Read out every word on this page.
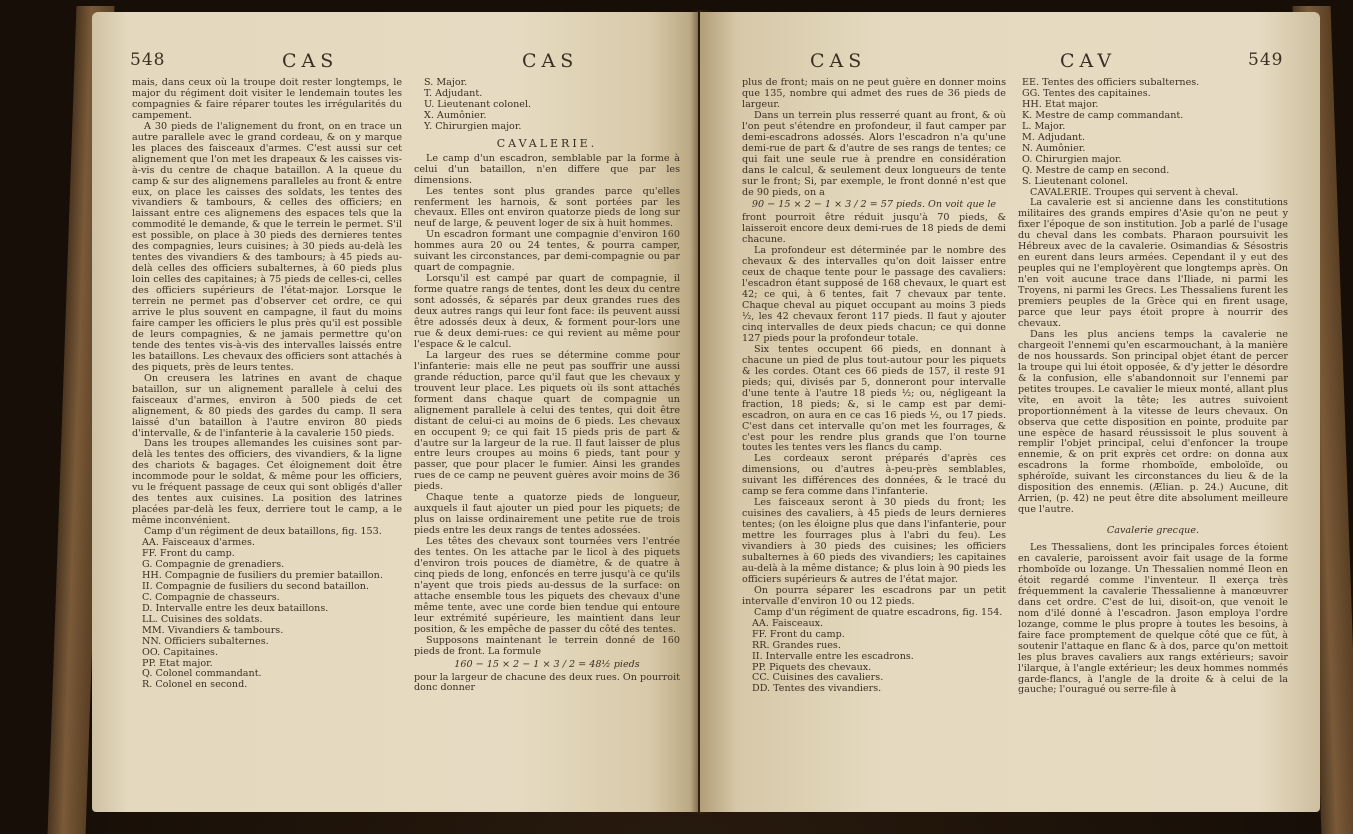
548	CAS	CAS

mais, dans ceux où la troupe doit rester longtemps, le major du régiment doit visiter le lendemain toutes les compagnies & faire réparer toutes les irrégularités du campement.

A 30 pieds de l'alignement du front, on en trace un autre parallele avec le grand cordeau, & on y marque les places des faisceaux d'armes. C'est aussi sur cet alignement que l'on met les drapeaux & les caisses vis-à-vis du centre de chaque bataillon. A la queue du camp & sur des alignemens paralleles au front & entre eux, on place les caisses des soldats, les tentes des vivandiers & tambours, & celles des officiers; en laissant entre ces alignemens des espaces tels que la commodité le demande, & que le terrein le permet. S'il est possible, on place à 30 pieds des dernieres tentes des compagnies, leurs cuisines; à 30 pieds au-delà les tentes des vivandiers & des tambours; à 45 pieds au-delà celles des officiers subalternes, à 60 pieds plus loin celles des capitaines; à 75 pieds de celles-ci, celles des officiers supérieurs de l'état-major. Lorsque le terrein ne permet pas d'observer cet ordre, ce qui arrive le plus souvent en campagne, il faut du moins faire camper les officiers le plus près qu'il est possible de leurs compagnies, & ne jamais permettre qu'on tende des tentes vis-à-vis des intervalles laissés entre les bataillons. Les chevaux des officiers sont attachés à des piquets, près de leurs tentes.

On creusera les latrines en avant de chaque bataillon, sur un alignement parallele à celui des faisceaux d'armes, environ à 500 pieds de cet alignement, & 80 pieds des gardes du camp. Il sera laissé d'un bataillon à l'autre environ 80 pieds d'intervalle, & de l'infanterie à la cavalerie 150 pieds.

Dans les troupes allemandes les cuisines sont par-delà les tentes des officiers, des vivandiers, & la ligne des chariots & bagages. Cet éloignement doit être incommode pour le soldat, & même pour les officiers, vu le fréquent passage de ceux qui sont obligés d'aller des tentes aux cuisines. La position des latrines placées par-delà les feux, derriere tout le camp, a le même inconvénient.

Camp d'un régiment de deux bataillons, fig. 153.

AA. Faisceaux d'armes.

FF. Front du camp.

G. Compagnie de grenadiers.

HH. Compagnie de fusiliers du premier bataillon.

II. Compagnie de fusiliers du second bataillon.

C. Compagnie de chasseurs.

D. Intervalle entre les deux bataillons.

LL. Cuisines des soldats.

MM. Vivandiers & tambours.

NN. Officiers subalternes.

OO. Capitaines.

PP. Etat major.

Q. Colonel commandant.

R. Colonel en second.

S. Major.

T. Adjudant.

U. Lieutenant colonel.

X. Aumônier.

Y. Chirurgien major.

CAVALERIE.

Le camp d'un escadron, semblable par la forme à celui d'un bataillon, n'en differe que par les dimensions.

Les tentes sont plus grandes parce qu'elles renferment les harnois, & sont portées par les chevaux. Elles ont environ quatorze pieds de long sur neuf de large, & peuvent loger de six à huit hommes.

Un escadron formant une compagnie d'environ 160 hommes aura 20 ou 24 tentes, & pourra camper, suivant les circonstances, par demi-compagnie ou par quart de compagnie.

Lorsqu'il est campé par quart de compagnie, il forme quatre rangs de tentes, dont les deux du centre sont adossés, & séparés par deux grandes rues des deux autres rangs qui leur font face: ils peuvent aussi être adossés deux à deux, & forment pour-lors une rue & deux demi-rues: ce qui revient au même pour l'espace & le calcul.

La largeur des rues se détermine comme pour l'infanterie: mais elle ne peut pas souffrir une aussi grande réduction, parce qu'il faut que les chevaux y trouvent leur place. Les piquets où ils sont attachés forment dans chaque quart de compagnie un alignement parallele à celui des tentes, qui doit être distant de celui-ci au moins de 6 pieds. Les chevaux en occupent 9; ce qui fait 15 pieds pris de part & d'autre sur la largeur de la rue. Il faut laisser de plus entre leurs croupes au moins 6 pieds, tant pour y passer, que pour placer le fumier. Ainsi les grandes rues de ce camp ne peuvent guères avoir moins de 36 pieds.

Chaque tente a quatorze pieds de longueur, auxquels il faut ajouter un pied pour les piquets; de plus on laisse ordinairement une petite rue de trois pieds entre les deux rangs de tentes adossées.

Les têtes des chevaux sont tournées vers l'entrée des tentes. On les attache par le licol à des piquets d'environ trois pouces de diamètre, & de quatre à cinq pieds de long, enfoncés en terre jusqu'à ce qu'ils n'ayent que trois pieds au-dessus de la surface: on attache ensemble tous les piquets des chevaux d'une même tente, avec une corde bien tendue qui entoure leur extrémité supérieure, les maintient dans leur position, & les empêche de passer du côté des tentes.

Supposons maintenant le terrein donné de 160 pieds de front. La formule

160 − 15 × 2 − 1 × 3 / 2 = 48½ pieds

pour la largeur de chacune des deux rues. On pourroit donc donner

CAS	CAV	549

plus de front; mais on ne peut guère en donner moins que 135, nombre qui admet des rues de 36 pieds de largeur.

Dans un terrein plus resserré quant au front, & où l'on peut s'étendre en profondeur, il faut camper par demi-escadrons adossés. Alors l'escadron n'a qu'une demi-rue de part & d'autre de ses rangs de tentes; ce qui fait une seule rue à prendre en considération dans le calcul, & seulement deux longueurs de tente sur le front; Si, par exemple, le front donné n'est que de 90 pieds, on a

90 − 15 × 2 − 1 × 3 / 2 = 57 pieds. On voit que le

front pourroit être réduit jusqu'à 70 pieds, & laisseroit encore deux demi-rues de 18 pieds de demi chacune.

La profondeur est déterminée par le nombre des chevaux & des intervalles qu'on doit laisser entre ceux de chaque tente pour le passage des cavaliers: l'escadron étant supposé de 168 chevaux, le quart est 42; ce qui, à 6 tentes, fait 7 chevaux par tente. Chaque cheval au piquet occupant au moins 3 pieds ½, les 42 chevaux feront 117 pieds. Il faut y ajouter cinq intervalles de deux pieds chacun; ce qui donne 127 pieds pour la profondeur totale.

Six tentes occupent 66 pieds, en donnant à chacune un pied de plus tout-autour pour les piquets & les cordes. Otant ces 66 pieds de 157, il reste 91 pieds; qui, divisés par 5, donneront pour intervalle d'une tente à l'autre 18 pieds ½; ou, négligeant la fraction, 18 pieds; &, si le camp est par demi-escadron, on aura en ce cas 16 pieds ½, ou 17 pieds. C'est dans cet intervalle qu'on met les fourrages, & c'est pour les rendre plus grands que l'on tourne toutes les tentes vers les flancs du camp.

Les cordeaux seront préparés d'après ces dimensions, ou d'autres à-peu-près semblables, suivant les différences des données, & le tracé du camp se fera comme dans l'infanterie.

Les faisceaux seront à 30 pieds du front; les cuisines des cavaliers, à 45 pieds de leurs dernieres tentes; (on les éloigne plus que dans l'infanterie, pour mettre les fourrages plus à l'abri du feu). Les vivandiers à 30 pieds des cuisines; les officiers subalternes à 60 pieds des vivandiers; les capitaines au-delà à la même distance; & plus loin à 90 pieds les officiers supérieurs & autres de l'état major.

On pourra séparer les escadrons par un petit intervalle d'environ 10 ou 12 pieds.

Camp d'un régiment de quatre escadrons, fig. 154.

AA. Faisceaux.

FF. Front du camp.

RR. Grandes rues.

II. Intervalle entre les escadrons.

PP. Piquets des chevaux.

CC. Cuisines des cavaliers.

DD. Tentes des vivandiers.

EE. Tentes des officiers subalternes.

GG. Tentes des capitaines.

HH. Etat major.

K. Mestre de camp commandant.

L. Major.

M. Adjudant.

N. Aumônier.

O. Chirurgien major.

Q. Mestre de camp en second.

S. Lieutenant colonel.

CAVALERIE. Troupes qui servent à cheval.

La cavalerie est si ancienne dans les constitutions militaires des grands empires d'Asie qu'on ne peut y fixer l'époque de son institution. Job a parlé de l'usage du cheval dans les combats. Pharaon poursuivit les Hébreux avec de la cavalerie. Osimandias & Sésostris en eurent dans leurs armées. Cependant il y eut des peuples qui ne l'employèrent que longtemps après. On n'en voit aucune trace dans l'Iliade, ni parmi les Troyens, ni parmi les Grecs. Les Thessaliens furent les premiers peuples de la Grèce qui en firent usage, parce que leur pays étoit propre à nourrir des chevaux.

Dans les plus anciens temps la cavalerie ne chargeoit l'ennemi qu'en escarmouchant, à la manière de nos houssards. Son principal objet étant de percer la troupe qui lui étoit opposée, & d'y jetter le désordre & la confusion, elle s'abandonnoit sur l'ennemi par petites troupes. Le cavalier le mieux monté, allant plus vîte, en avoit la tête; les autres suivoient proportionnément à la vitesse de leurs chevaux. On observa que cette disposition en pointe, produite par une espèce de hasard réussissoit le plus souvent à remplir l'objet principal, celui d'enfoncer la troupe ennemie, & on prit exprès cet ordre: on donna aux escadrons la forme rhomboïde, emboloïde, ou sphéroïde, suivant les circonstances du lieu & de la disposition des ennemis. (Ælian. p. 24.) Aucune, dit Arrien, (p. 42) ne peut être dite absolument meilleure que l'autre.

Cavalerie grecque.

Les Thessaliens, dont les principales forces étoient en cavalerie, paroissent avoir fait usage de la forme rhomboïde ou lozange. Un Thessalien nommé Ileon en étoit regardé comme l'inventeur. Il exerça très fréquemment la cavalerie Thessalienne à manœuvrer dans cet ordre. C'est de lui, disoit-on, que venoit le nom d'ilé donné à l'escadron. Jason employa l'ordre lozange, comme le plus propre à toutes les besoins, à faire face promptement de quelque côté que ce fût, à soutenir l'attaque en flanc & à dos, parce qu'on mettoit les plus braves cavaliers aux rangs extérieurs; savoir l'ilarque, à l'angle extérieur; les deux hommes nommés garde-flancs, à l'angle de la droite & à celui de la gauche; l'ouragué ou serre-file à
